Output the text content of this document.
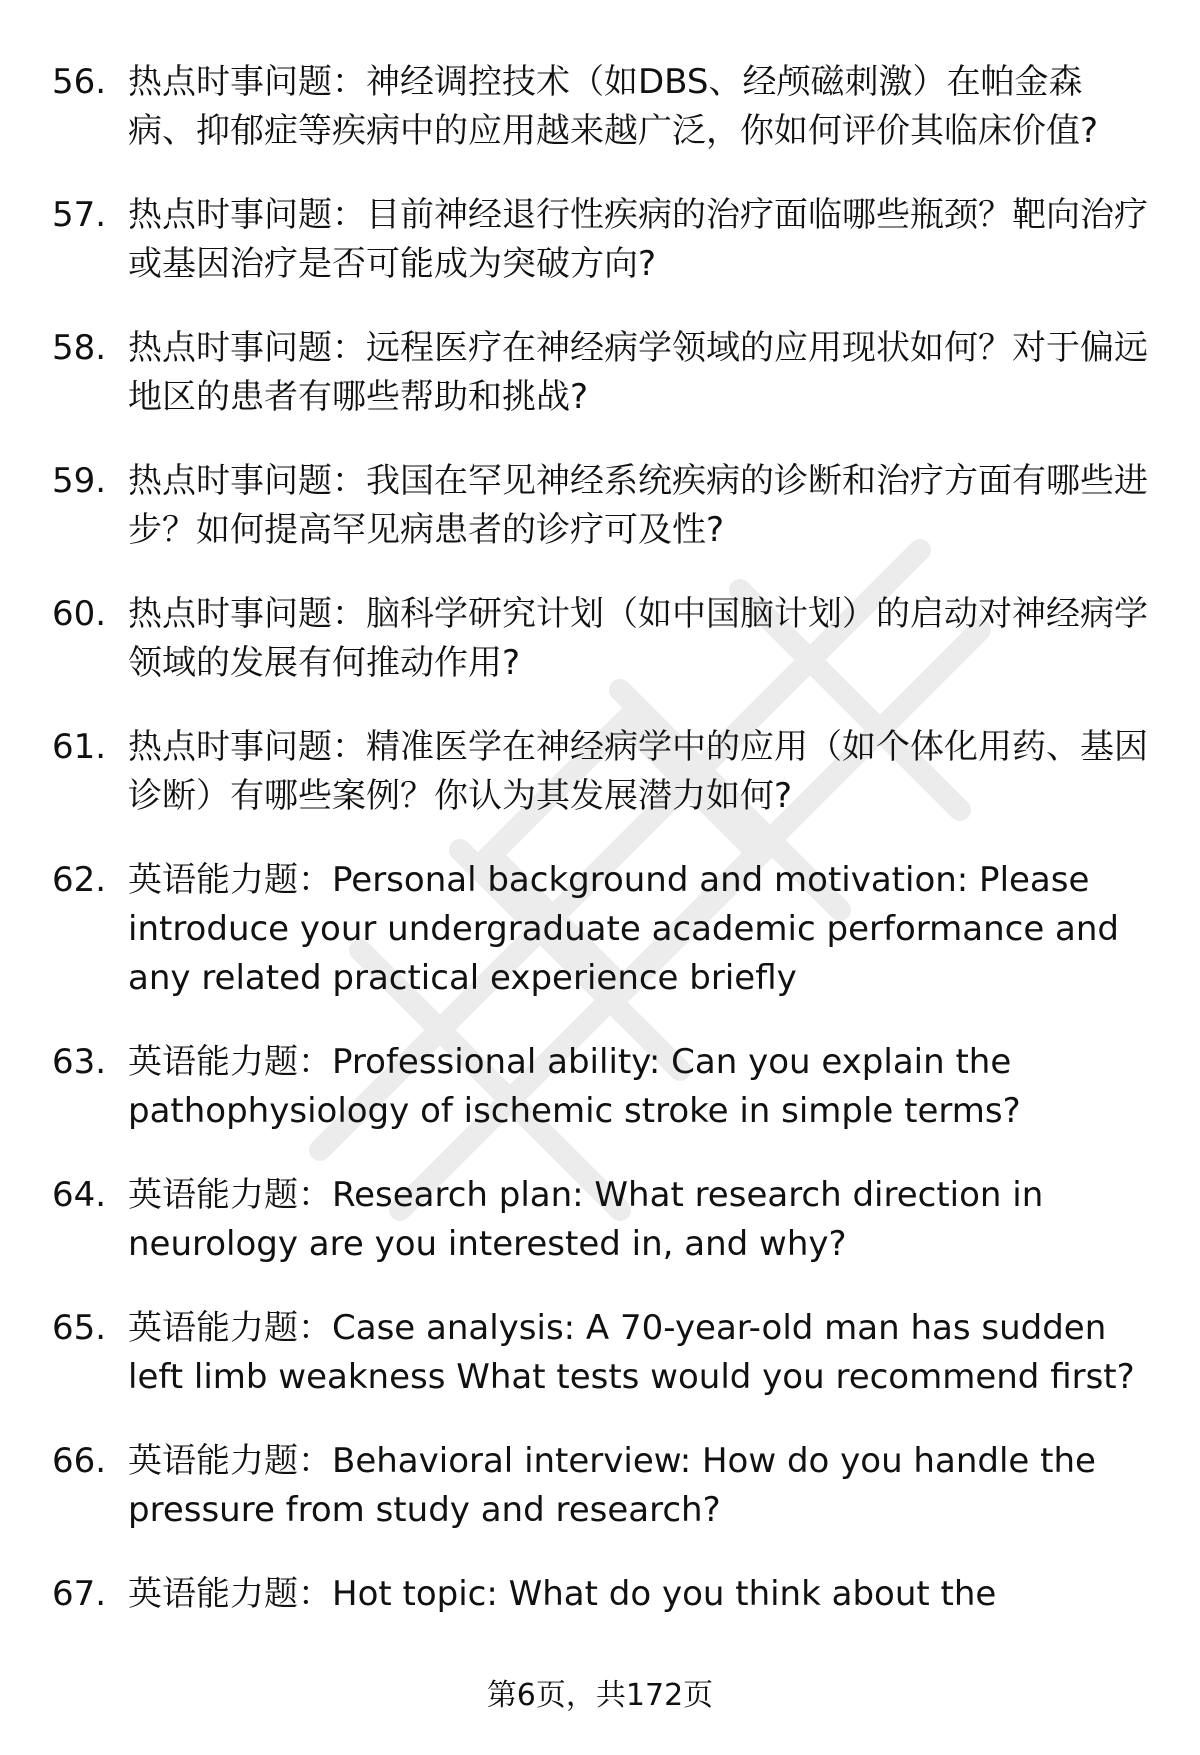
56. 热点时事问题：神经调控技术（如DBS、经颅磁刺激）在帕金森病、抑郁症等疾病中的应用越来越广泛，你如何评价其临床价值?
57. 热点时事问题：目前神经退行性疾病的治疗面临哪些瓶颈？靶向治疗或基因治疗是否可能成为突破方向?
58. 热点时事问题：远程医疗在神经病学领域的应用现状如何？对于偏远地区的患者有哪些帮助和挑战?
59. 热点时事问题：我国在罕见神经系统疾病的诊断和治疗方面有哪些进步？如何提高罕见病患者的诊疗可及性?
60. 热点时事问题：脑科学研究计划（如中国脑计划）的启动对神经病学领域的发展有何推动作用?
61. 热点时事问题：精准医学在神经病学中的应用（如个体化用药、基因诊断）有哪些案例？你认为其发展潜力如何?
62. 英语能力题：Personal background and motivation: Please introduce your undergraduate academic performance and any related practical experience briefly
63. 英语能力题：Professional ability: Can you explain the pathophysiology of ischemic stroke in simple terms?
64. 英语能力题：Research plan: What research direction in neurology are you interested in, and why?
65. 英语能力题：Case analysis: A 70-year-old man has sudden left limb weakness What tests would you recommend first?
66. 英语能力题：Behavioral interview: How do you handle the pressure from study and research?
67. 英语能力题：Hot topic: What do you think about the
第6页，共172页
